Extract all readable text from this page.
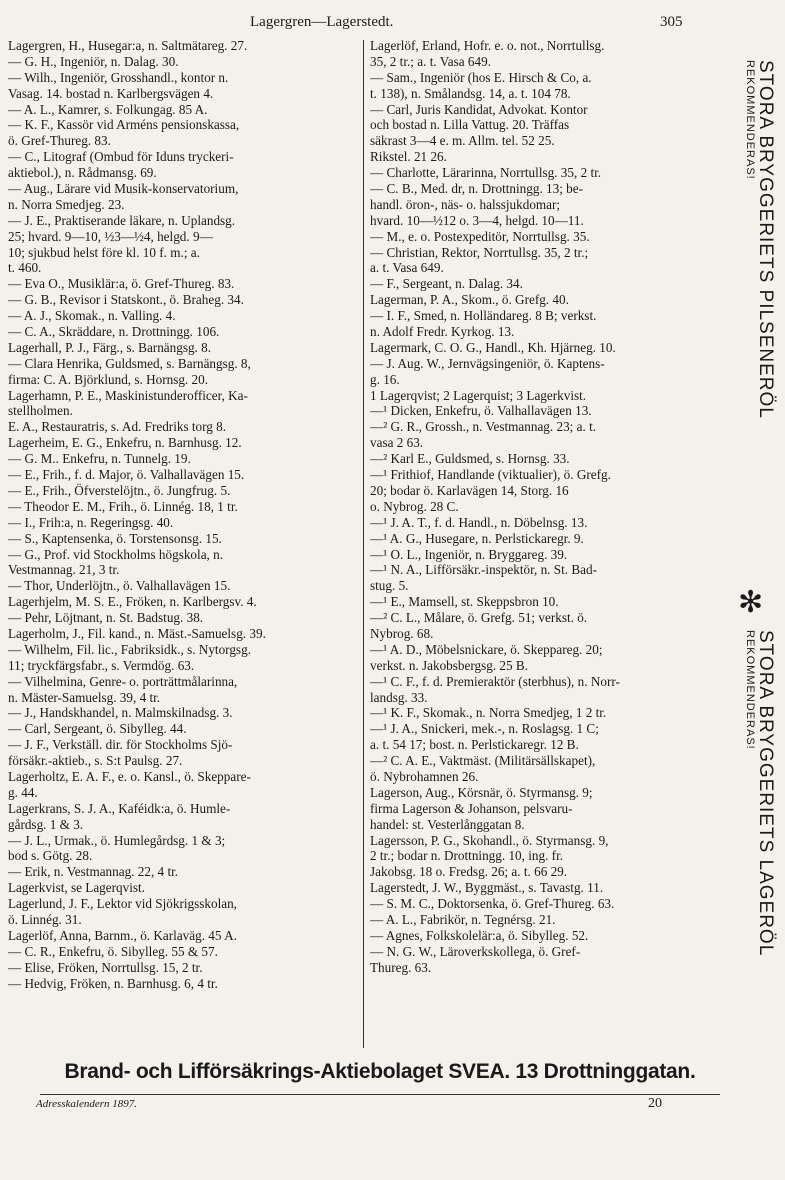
Lagergren—Lagerstedt.	305
Lagergren, H., Husegar:a, n. Saltmätareg. 27.
— G. H., Ingeniör, n. Dalag. 30.
— Wilh., Ingeniör, Grosshandl., kontor n.
Vasag. 14. bostad n. Karlbergsvägen 4.
— A. L., Kamrer, s. Folkungag. 85 A.
— K. F., Kassör vid Arméns pensionskassa,
ö. Gref-Thureg. 83.
— C., Litograf (Ombud för Iduns tryckeri-
aktiebol.), n. Rådmansg. 69.
— Aug., Lärare vid Musik-konservatorium,
n. Norra Smedjeg. 23.
— J. E., Praktiserande läkare, n. Uplandsg.
25; hvard. 9—10, ½3—½4, helgd. 9—
10; sjukbud helst före kl. 10 f. m.; a.
t. 460.
— Eva O., Musiklär:a, ö. Gref-Thureg. 83.
— G. B., Revisor i Statskont., ö. Braheg. 34.
— A. J., Skomak., n. Valling. 4.
— C. A., Skräddare, n. Drottningg. 106.
Lagerhall, P. J., Färg., s. Barnängsg. 8.
— Clara Henrika, Guldsmed, s. Barnängsg. 8,
firma: C. A. Björklund, s. Hornsg. 20.
Lagerhamn, P. E., Maskinistunderofficer, Ka-
stellholmen.
E. A., Restauratris, s. Ad. Fredriks torg 8.
Lagerheim, E. G., Enkefru, n. Barnhusg. 12.
— G. M.. Enkefru, n. Tunnelg. 19.
— E., Frih., f. d. Major, ö. Valhallavägen 15.
— E., Frih., Öfverstelöjtn., ö. Jungfrug. 5.
— Theodor E. M., Frih., ö. Linnég. 18, 1 tr.
— I., Frih:a, n. Regeringsg. 40.
— S., Kaptensenka, ö. Torstensonsg. 15.
— G., Prof. vid Stockholms högskola, n.
Vestmannag. 21, 3 tr.
— Thor, Underlöjtn., ö. Valhallavägen 15.
Lagerhjelm, M. S. E., Fröken, n. Karlbergsv. 4.
— Pehr, Löjtnant, n. St. Badstug. 38.
Lagerholm, J., Fil. kand., n. Mäst.-Samuelsg. 39.
— Wilhelm, Fil. lic., Fabriksidk., s. Nytorgsg.
11; tryckfärgsfabr., s. Vermdög. 63.
— Vilhelmina, Genre- o. porträttmålarinna,
n. Mäster-Samuelsg. 39, 4 tr.
— J., Handskhandel, n. Malmskilnadsg. 3.
— Carl, Sergeant, ö. Sibylleg. 44.
— J. F., Verkställ. dir. för Stockholms Sjö-
försäkr.-aktieb., s. S:t Paulsg. 27.
Lagerholtz, E. A. F., e. o. Kansl., ö. Skeppare-
g. 44.
Lagerkrans, S. J. A., Kaféidk:a, ö. Humle-
gårdsg. 1 & 3.
— J. L., Urmak., ö. Humlegårdsg. 1 & 3;
bod s. Götg. 28.
— Erik, n. Vestmannag. 22, 4 tr.
Lagerkvist, se Lagerqvist.
Lagerlund, J. F., Lektor vid Sjökrigsskolan,
ö. Linnég. 31.
Lagerlöf, Anna, Barnm., ö. Karlaväg. 45 A.
— C. R., Enkefru, ö. Sibylleg. 55 & 57.
— Elise, Fröken, Norrtullsg. 15, 2 tr.
— Hedvig, Fröken, n. Barnhusg. 6, 4 tr.
Lagerlöf, Erland, Hofr. e. o. not., Norrtullsg.
35, 2 tr.; a. t. Vasa 649.
— Sam., Ingeniör (hos E. Hirsch & Co, a.
t. 138), n. Smålandsg. 14, a. t. 104 78.
— Carl, Juris Kandidat, Advokat. Kontor
och bostad n. Lilla Vattug. 20. Träffas
säkrast 3—4 e. m. Allm. tel. 52 25.
Rikstel. 21 26.
— Charlotte, Lärarinna, Norrtullsg. 35, 2 tr.
— C. B., Med. dr, n. Drottningg. 13; be-
handl. öron-, näs- o. halssjukdomar;
hvard. 10—½12 o. 3—4, helgd. 10—11.
— M., e. o. Postexpeditör, Norrtullsg. 35.
— Christian, Rektor, Norrtullsg. 35, 2 tr.;
a. t. Vasa 649.
— F., Sergeant, n. Dalag. 34.
Lagerman, P. A., Skom., ö. Grefg. 40.
— I. F., Smed, n. Holländareg. 8 B; verkst.
n. Adolf Fredr. Kyrkog. 13.
Lagermark, C. O. G., Handl., Kh. Hjärneg. 10.
— J. Aug. W., Jernvägsingeniör, ö. Kaptens-
g. 16.
1 Lagerqvist; 2 Lagerquist; 3 Lagerkvist.
—¹ Dicken, Enkefru, ö. Valhallavägen 13.
—² G. R., Grossh., n. Vestmannag. 23; a. t.
vasa 2 63.
—² Karl E., Guldsmed, s. Hornsg. 33.
—¹ Frithiof, Handlande (viktualier), ö. Grefg.
20; bodar ö. Karlavägen 14, Storg. 16
o. Nybrog. 28 C.
—¹ J. A. T., f. d. Handl., n. Döbelnsg. 13.
—¹ A. G., Husegare, n. Perlstickaregr. 9.
—¹ O. L., Ingeniör, n. Bryggareg. 39.
—¹ N. A., Lifförsäkr.-inspektör, n. St. Bad-
stug. 5.
—¹ E., Mamsell, st. Skeppsbron 10.
—² C. L., Målare, ö. Grefg. 51; verkst. ö.
Nybrog. 68.
—¹ A. D., Möbelsnickare, ö. Skeppareg. 20;
verkst. n. Jakobsbergsg. 25 B.
—¹ C. F., f. d. Premieraktör (sterbhus), n. Norr-
landsg. 33.
—¹ K. F., Skomak., n. Norra Smedjeg, 1 2 tr.
—¹ J. A., Snickeri, mek.-, n. Roslagsg. 1 C;
a. t. 54 17; bost. n. Perlstickaregr. 12 B.
—² C. A. E., Vaktmäst. (Militärsällskapet),
ö. Nybrohamnen 26.
Lagerson, Aug., Körsnär, ö. Styrmansg. 9;
firma Lagerson & Johanson, pelsvaru-
handel: st. Vesterlånggatan 8.
Lagersson, P. G., Skohandl., ö. Styrmansg. 9,
2 tr.; bodar n. Drottningg. 10, ing. fr.
Jakobsg. 18 o. Fredsg. 26; a. t. 66 29.
Lagerstedt, J. W., Byggmäst., s. Tavastg. 11.
— S. M. C., Doktorsenka, ö. Gref-Thureg. 63.
— A. L., Fabrikör, n. Tegnérsg. 21.
— Agnes, Folkskolelär:a, ö. Sibylleg. 52.
— N. G. W., Läroverkskollega, ö. Gref-
Thureg. 63.
STORA BRYGGERIETS PILSENERÖL
REKOMMENDERAS!
✻
STORA BRYGGERIETS LAGERÖL
REKOMMENDERAS!
Brand- och Lifförsäkrings-Aktiebolaget SVEA. 13 Drottninggatan.
Adresskalendern 1897.	20
